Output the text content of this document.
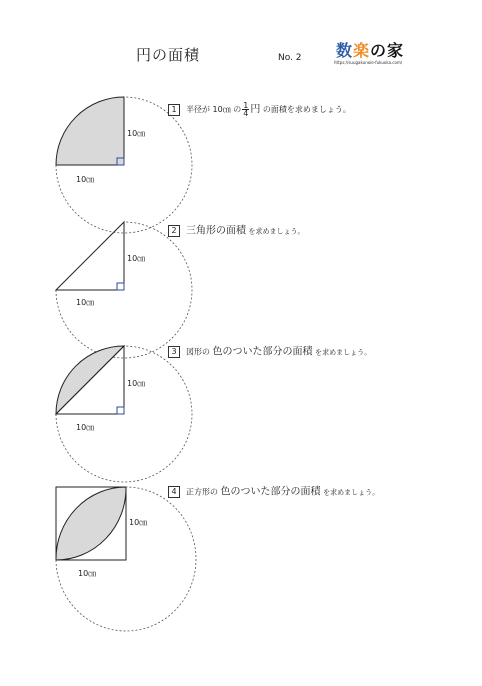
円の面積	No. 2 数楽の家
https://suugakunoie-fukuoka.com/
10㎝
10㎝
10㎝
10㎝
10㎝
10㎝
10㎝
10㎝
1 半径が 10㎝ の $\frac{1}{4}$ 円 の面積を求めましょう。
2 三角形の面積 を求めましょう。
3 図形の 色のついた部分の面積 を求めましょう。
4 正方形の 色のついた部分の面積 を求めましょう。
